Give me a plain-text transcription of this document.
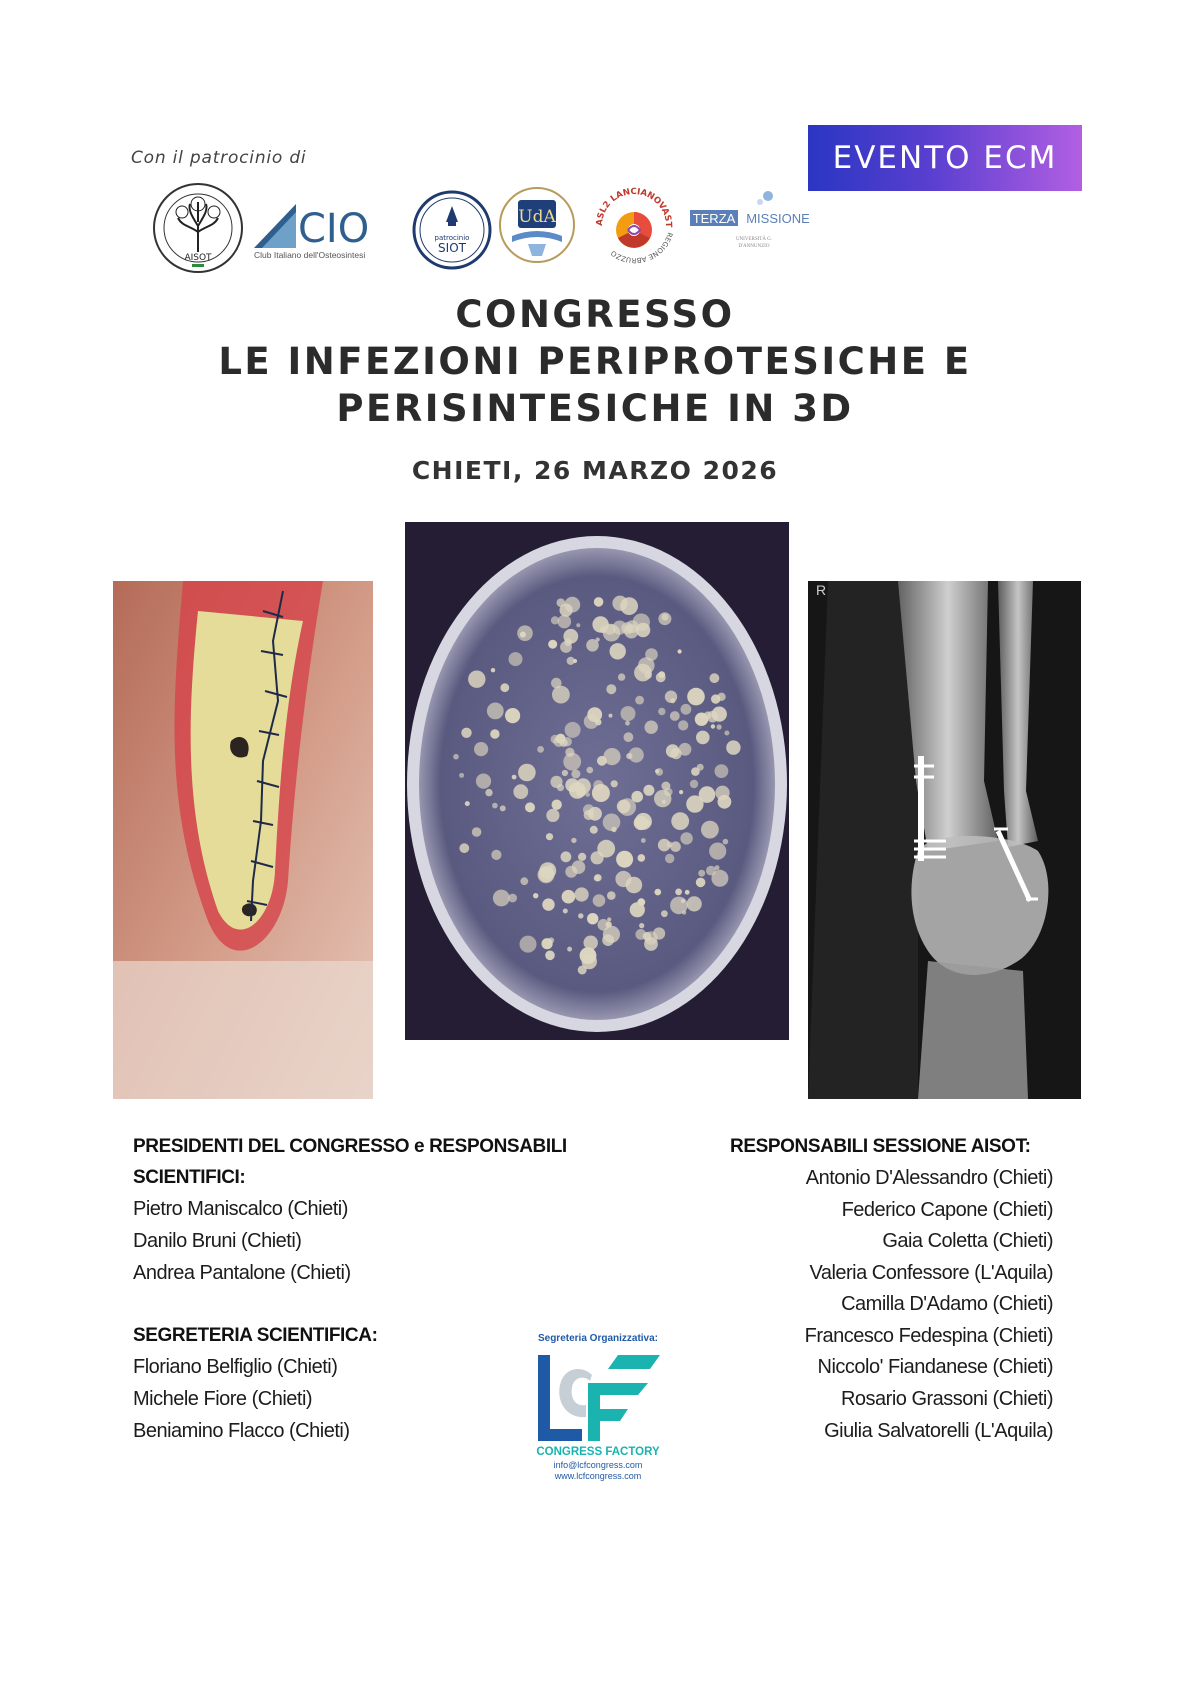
Con il patrocinio di	EVENTO ECM
AISOT
CIO
Club Italiano dell'Osteosintesi
patrocinio
SIOT
UdA	ASL2 LANCIANOVAST
REGIONE ABRUZZO
TERZA MISSIONE
UNIVERSITÀ G.
D'ANNUNZIO
CONGRESSO
LE INFEZIONI PERIPROTESICHE E
PERISINTESICHE IN 3D
CHIETI, 26 MARZO 2026
R
PRESIDENTI DEL CONGRESSO e RESPONSABILI
SCIENTIFICI:
Pietro Maniscalco (Chieti)
Danilo Bruni (Chieti)
Andrea Pantalone (Chieti)
SEGRETERIA SCIENTIFICA:
Floriano Belfiglio (Chieti)
Michele Fiore (Chieti)
Beniamino Flacco (Chieti)
RESPONSABILI SESSIONE AISOT:
Antonio D'Alessandro (Chieti)
Federico Capone (Chieti)
Gaia Coletta (Chieti)
Valeria Confessore (L'Aquila)
Camilla D'Adamo (Chieti)
Francesco Fedespina (Chieti)
Niccolo' Fiandanese (Chieti)
Rosario Grassoni (Chieti)
Giulia Salvatorelli (L'Aquila)
Segreteria Organizzativa:
CONGRESS FACTORY
info@lcfcongress.com
www.lcfcongress.com
